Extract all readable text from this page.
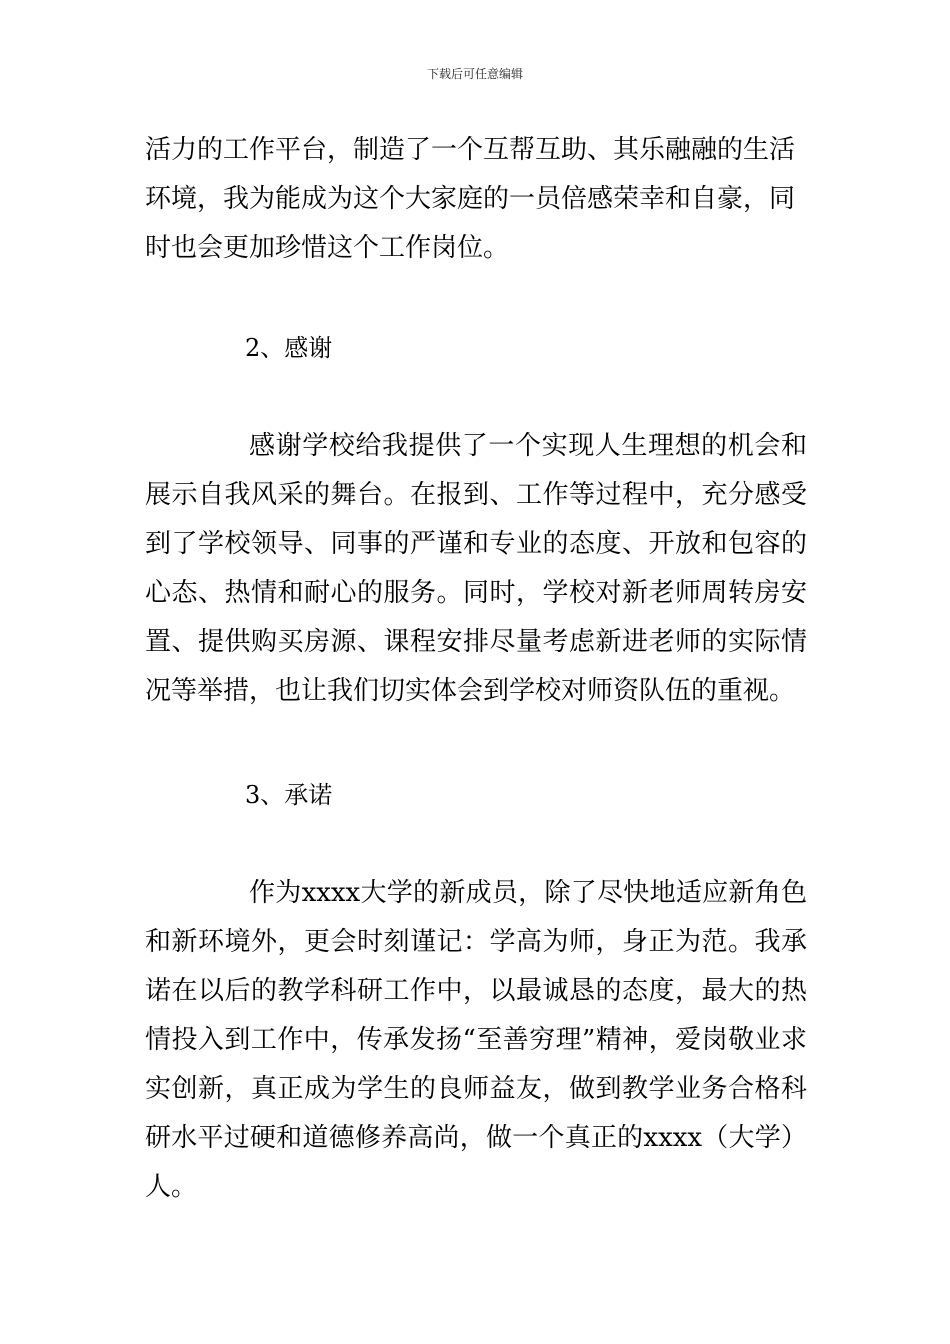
下载后可任意编辑

活力的工作平台，制造了一个互帮互助、其乐融融的生活

环境，我为能成为这个大家庭的一员倍感荣幸和自豪，同

时也会更加珍惜这个工作岗位。

2、感谢

感谢学校给我提供了一个实现人生理想的机会和展示自我风采的舞台。在报到、工作等过程中，充分感受到了学校领导、同事的严谨和专业的态度、开放和包容的心态、热情和耐心的服务。同时，学校对新老师周转房安置、提供购买房源、课程安排尽量考虑新进老师的实际情况等举措，也让我们切实体会到学校对师资队伍的重视。

3、承诺

作为xxxx大学的新成员，除了尽快地适应新角色和新环境外，更会时刻谨记：学高为师，身正为范。我承诺在以后的教学科研工作中，以最诚恳的态度，最大的热情投入到工作中，传承发扬“至善穷理”精神，爱岗敬业求实创新，真正成为学生的良师益友，做到教学业务合格科研水平过硬和道德修养高尚，做一个真正的xxxx（大学）人。
